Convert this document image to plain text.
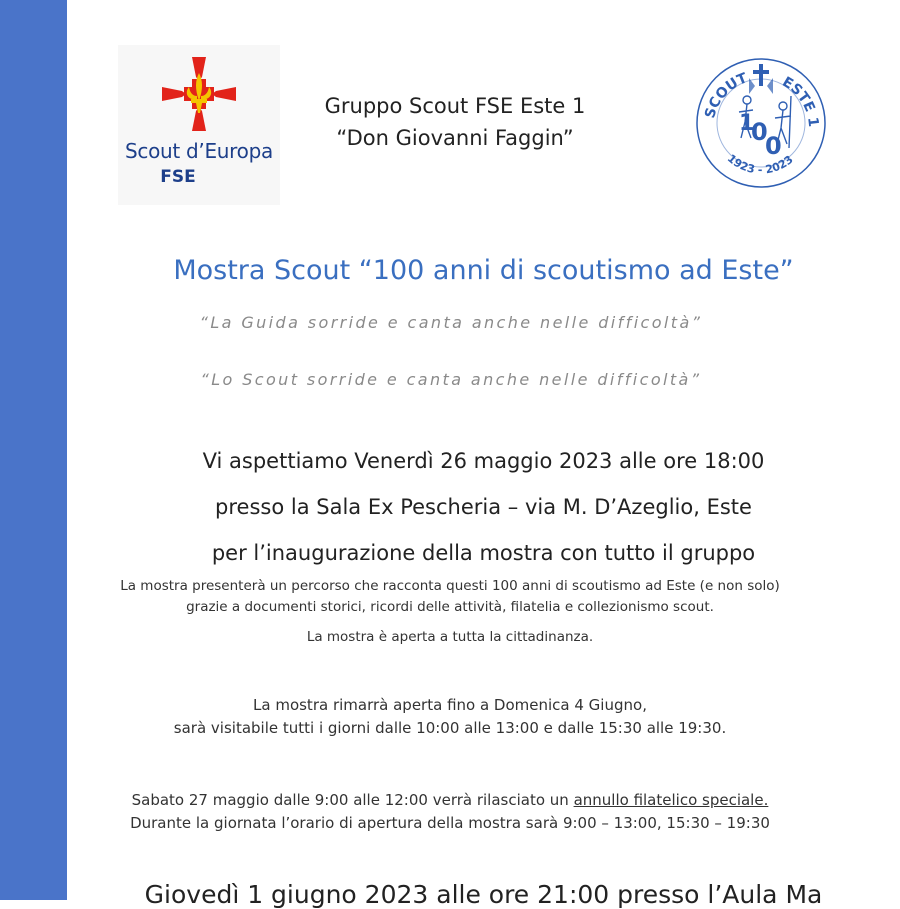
Scout d’Europa
FSE
Gruppo Scout FSE Este 1
“Don Giovanni Faggin”
SCOUT ESTE 1
1923 - 2023
1
0
0
Mostra Scout “100 anni di scoutismo ad Este”
“La Guida sorride e canta anche nelle difficoltà”
“Lo Scout sorride e canta anche nelle difficoltà”
Vi aspettiamo Venerdì 26 maggio 2023 alle ore 18:00
presso la Sala Ex Pescheria – via M. D’Azeglio, Este
per l’inaugurazione della mostra con tutto il gruppo
La mostra presenterà un percorso che racconta questi 100 anni di scoutismo ad Este (e non solo)
grazie a documenti storici, ricordi delle attività, filatelia e collezionismo scout.
La mostra è aperta a tutta la cittadinanza.
La mostra rimarrà aperta fino a Domenica 4 Giugno,
sarà visitabile tutti i giorni dalle 10:00 alle 13:00 e dalle 15:30 alle 19:30.
Sabato 27 maggio dalle 9:00 alle 12:00 verrà rilasciato un annullo filatelico speciale.
Durante la giornata l’orario di apertura della mostra sarà 9:00 – 13:00, 15:30 – 19:30
Giovedì 1 giugno 2023 alle ore 21:00 presso l’Aula Ma
